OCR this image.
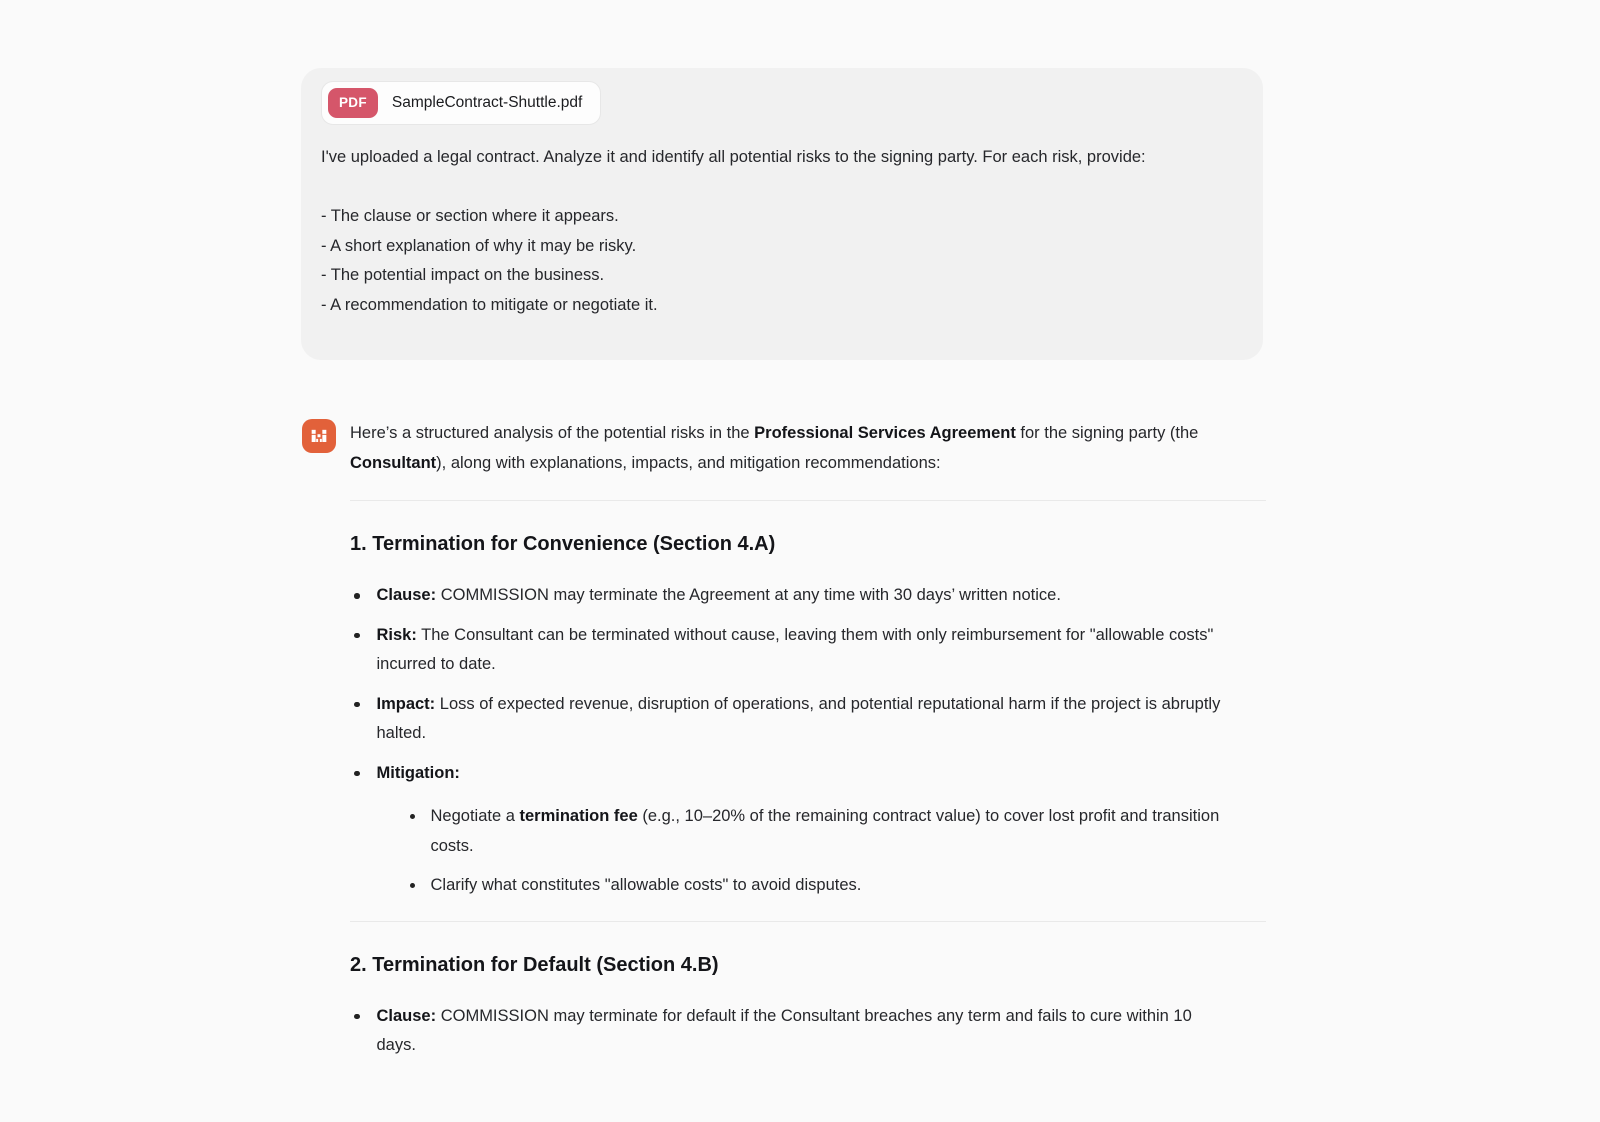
PDF	SampleContract-Shuttle.pdf

I've uploaded a legal contract. Analyze it and identify all potential risks to the signing party. For each risk, provide:

- The clause or section where it appears.
- A short explanation of why it may be risky.
- The potential impact on the business.
- A recommendation to mitigate or negotiate it.

Here’s a structured analysis of the potential risks in the Professional Services Agreement for the signing party (the Consultant), along with explanations, impacts, and mitigation recommendations:

1. Termination for Convenience (Section 4.A)
Clause: COMMISSION may terminate the Agreement at any time with 30 days’ written notice.
Risk: The Consultant can be terminated without cause, leaving them with only reimbursement for "allowable costs" incurred to date.
Impact: Loss of expected revenue, disruption of operations, and potential reputational harm if the project is abruptly halted.
Mitigation:
Negotiate a termination fee (e.g., 10–20% of the remaining contract value) to cover lost profit and transition costs.
Clarify what constitutes "allowable costs" to avoid disputes.
2. Termination for Default (Section 4.B)
Clause: COMMISSION may terminate for default if the Consultant breaches any term and fails to cure within 10 days.
